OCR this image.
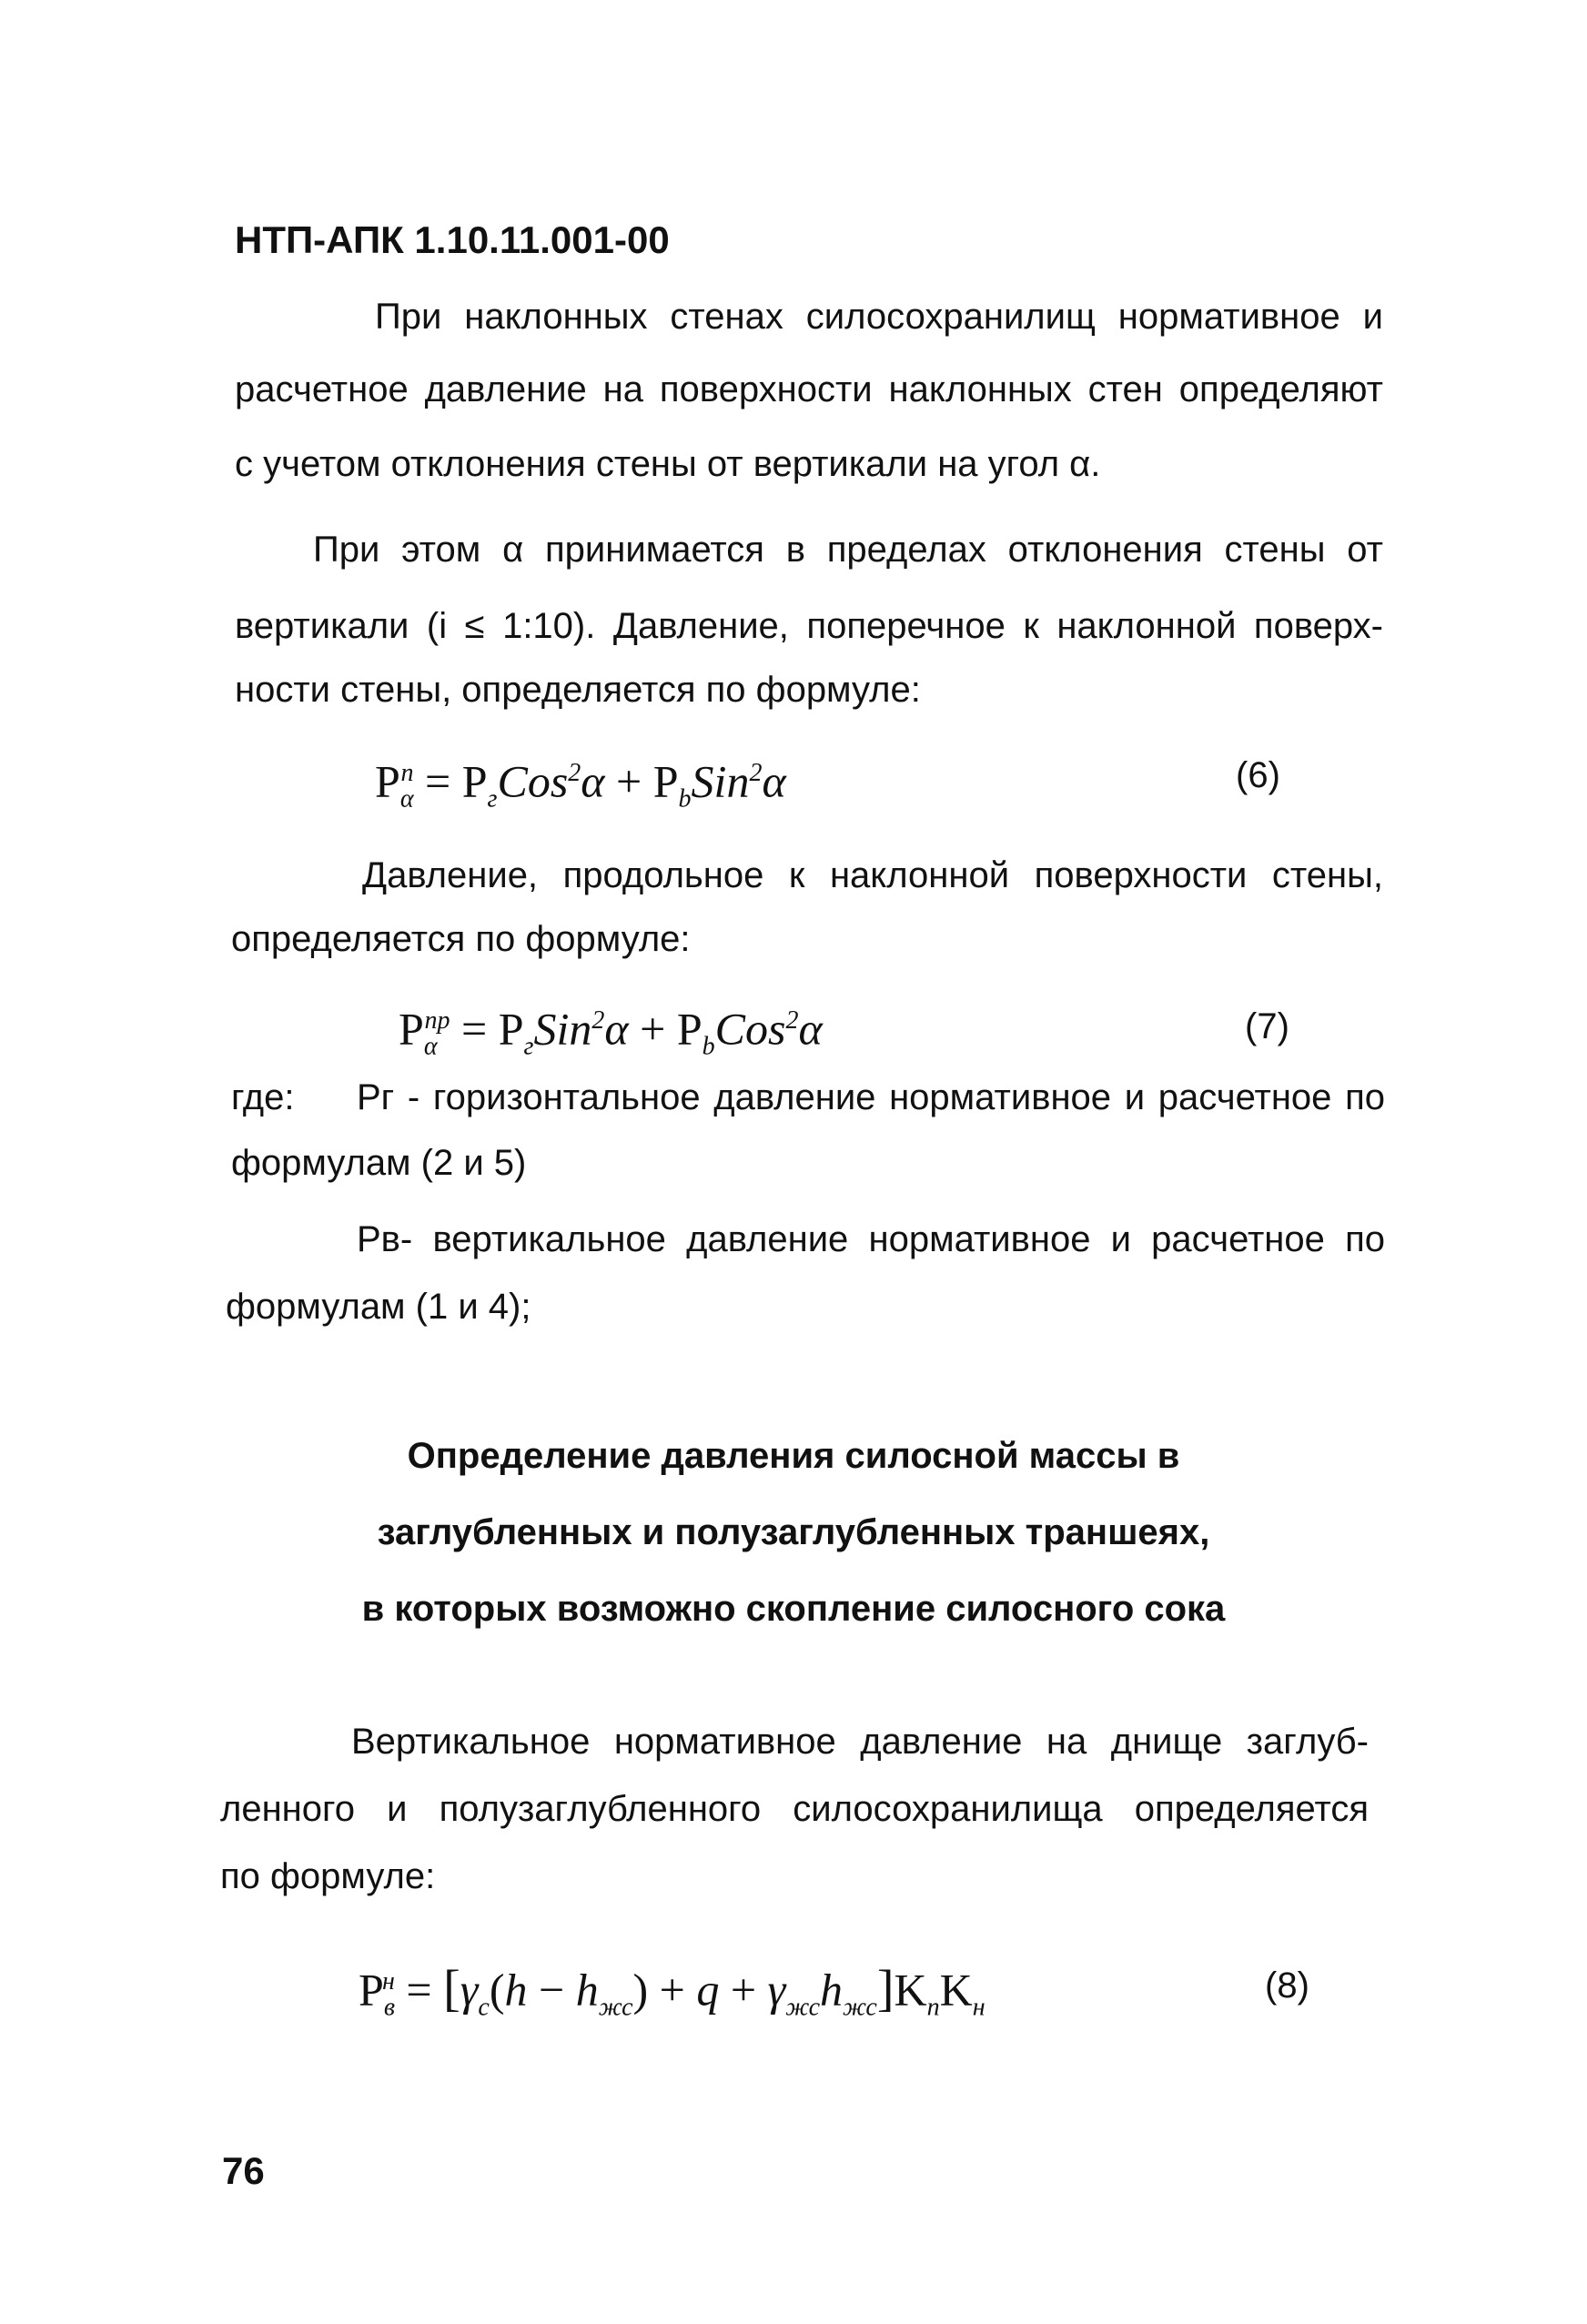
НТП-АПК 1.10.11.001-00
При наклонных стенах силосохранилищ нормативное и
расчетное давление на поверхности наклонных стен определяют
с учетом отклонения стены от вертикали на угол α.
При этом α принимается в пределах отклонения стены от
вертикали (i ≤ 1:10). Давление, поперечное к наклонной поверх-
ности стены, определяется по формуле:
$P_\alpha^n = P_гCos^2\alpha + P_bSin^2\alpha$	(6)
Давление, продольное к наклонной поверхности стены,
определяется по формуле:
$P_\alpha^{пр} = P_гSin^2\alpha + P_bCos^2\alpha$	(7)
где: Pг - горизонтальное давление нормативное и расчетное по
формулам (2 и 5)
Pв- вертикальное давление нормативное и расчетное по
формулам (1 и 4);
Определение давления силосной массы в
заглубленных и полузаглубленных траншеях,
в которых возможно скопление силосного сока
Вертикальное нормативное давление на днище заглуб-
ленного и полузаглубленного силосохранилища определяется
по формуле:
$P_в^н = [\gamma_c(h - h_{жс}) + q + \gamma_{жс}h_{жс}]K_nK_н$
(8)
76
